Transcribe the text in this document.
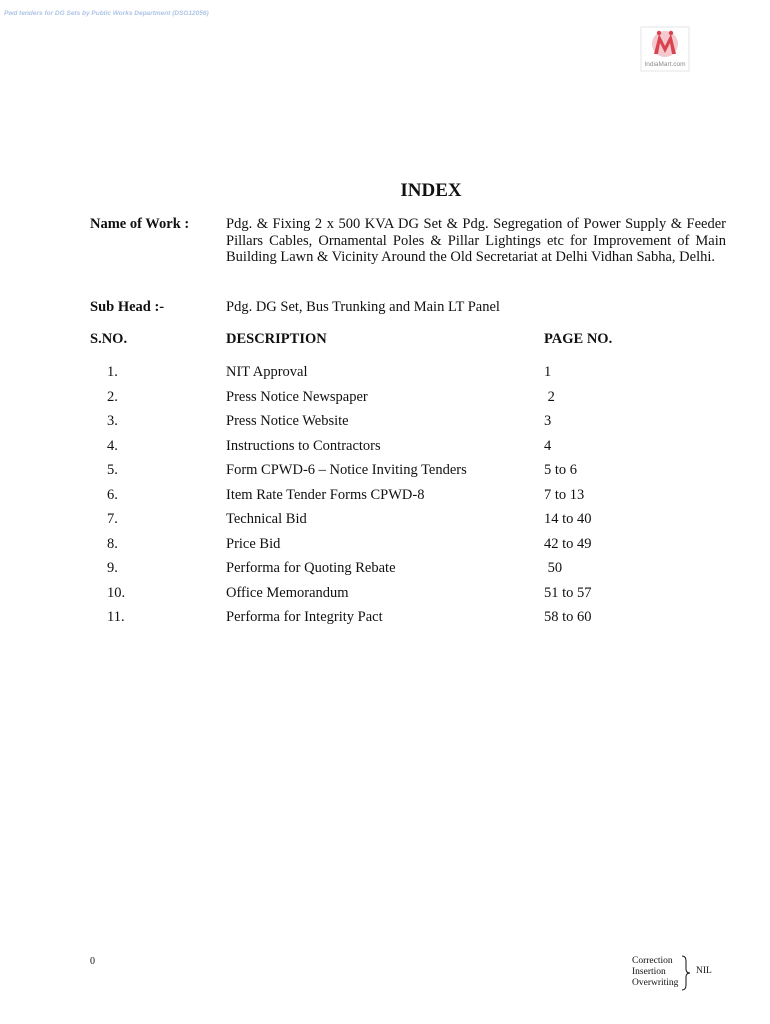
Pwd tenders for DG Sets by Public Works Department (DSG12056)
IndiaMart.com
INDEX
Name of Work :	Pdg. & Fixing 2 x 500 KVA DG Set & Pdg. Segregation of Power Supply & Feeder Pillars Cables, Ornamental Poles & Pillar Lightings etc for Improvement of Main Building Lawn & Vicinity Around the Old Secretariat at Delhi Vidhan Sabha, Delhi.
Sub Head :-	Pdg. DG Set, Bus Trunking and Main LT Panel
S.NO.	DESCRIPTION	PAGE NO.
1.	NIT Approval	1
2.	Press Notice Newspaper	2
3.	Press Notice Website	3
4.	Instructions to Contractors	4
5.	Form CPWD-6 – Notice Inviting Tenders	5 to 6
6.	Item Rate Tender Forms CPWD-8	7 to 13
7.	Technical Bid	14 to 40
8.	Price Bid	42 to 49
9.	Performa for Quoting Rebate	50
10.	Office Memorandum	51 to 57
11.	Performa for Integrity Pact	58 to 60
0	Correction
Insertion
Overwriting
NIL
